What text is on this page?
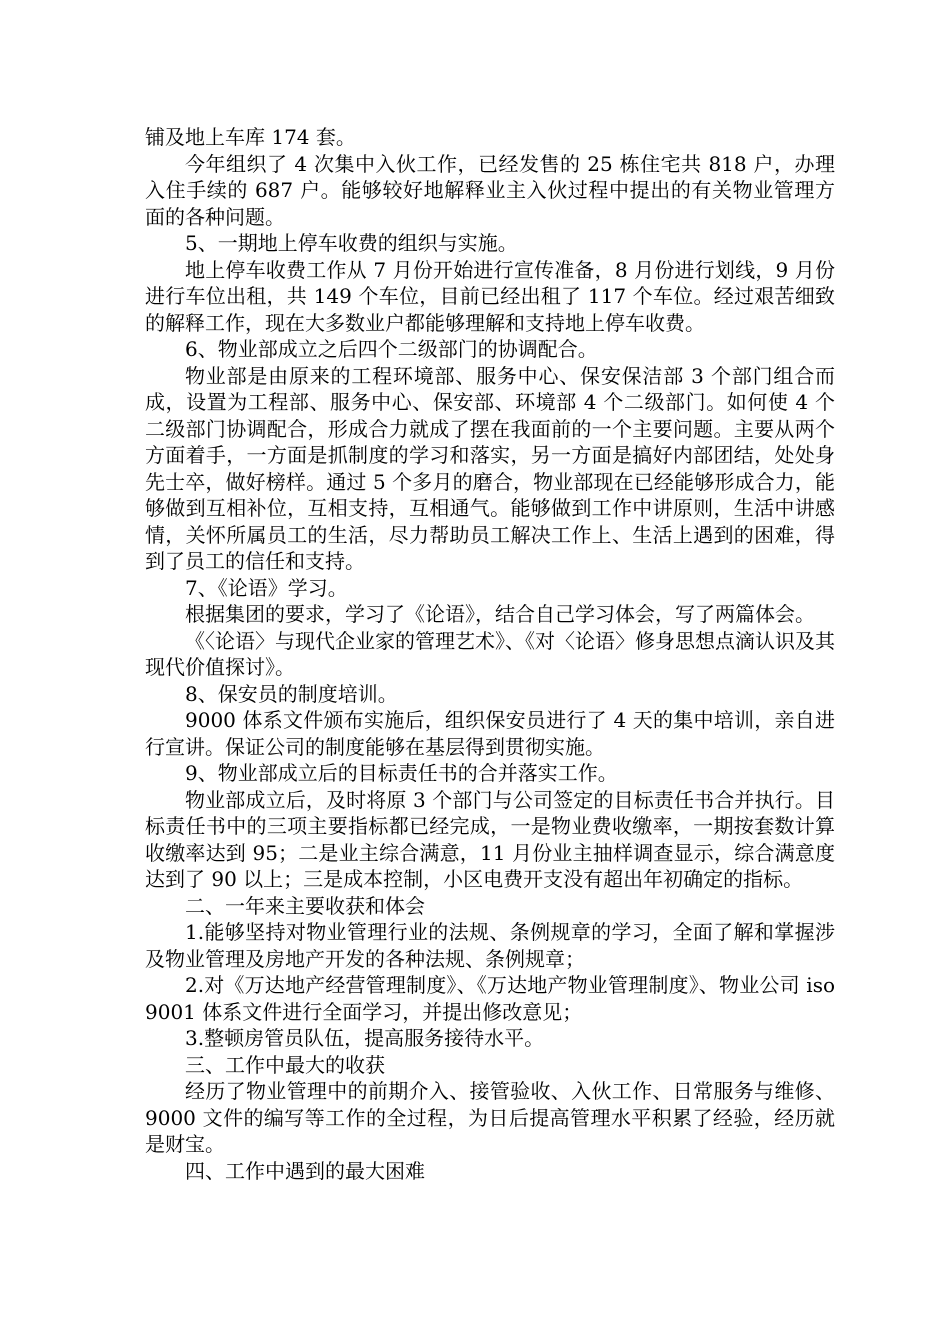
铺及地上车库 174 套。

今年组织了 4 次集中入伙工作，已经发售的 25 栋住宅共 818 户，办理入住手续的 687 户。能够较好地解释业主入伙过程中提出的有关物业管理方面的各种问题。

5、一期地上停车收费的组织与实施。

地上停车收费工作从 7 月份开始进行宣传准备，8 月份进行划线，9 月份进行车位出租，共 149 个车位，目前已经出租了 117 个车位。经过艰苦细致的解释工作，现在大多数业户都能够理解和支持地上停车收费。

6、物业部成立之后四个二级部门的协调配合。

物业部是由原来的工程环境部、服务中心、保安保洁部 3 个部门组合而成，设置为工程部、服务中心、保安部、环境部 4 个二级部门。如何使 4 个二级部门协调配合，形成合力就成了摆在我面前的一个主要问题。主要从两个方面着手，一方面是抓制度的学习和落实，另一方面是搞好内部团结，处处身先士卒，做好榜样。通过 5 个多月的磨合，物业部现在已经能够形成合力，能够做到互相补位，互相支持，互相通气。能够做到工作中讲原则，生活中讲感情，关怀所属员工的生活，尽力帮助员工解决工作上、生活上遇到的困难，得到了员工的信任和支持。

7、《论语》学习。

根据集团的要求，学习了《论语》，结合自己学习体会，写了两篇体会。

《〈论语〉与现代企业家的管理艺术》、《对〈论语〉修身思想点滴认识及其现代价值探讨》。

8、保安员的制度培训。

9000 体系文件颁布实施后，组织保安员进行了 4 天的集中培训，亲自进行宣讲。保证公司的制度能够在基层得到贯彻实施。

9、物业部成立后的目标责任书的合并落实工作。

物业部成立后，及时将原 3 个部门与公司签定的目标责任书合并执行。目标责任书中的三项主要指标都已经完成，一是物业费收缴率，一期按套数计算收缴率达到 95；二是业主综合满意，11 月份业主抽样调查显示，综合满意度达到了 90 以上；三是成本控制，小区电费开支没有超出年初确定的指标。

二、一年来主要收获和体会

1.能够坚持对物业管理行业的法规、条例规章的学习，全面了解和掌握涉及物业管理及房地产开发的各种法规、条例规章；

2.对《万达地产经营管理制度》、《万达地产物业管理制度》、物业公司 iso9001 体系文件进行全面学习，并提出修改意见；

3.整顿房管员队伍，提高服务接待水平。

三、工作中最大的收获

经历了物业管理中的前期介入、接管验收、入伙工作、日常服务与维修、9000 文件的编写等工作的全过程，为日后提高管理水平积累了经验，经历就是财宝。

四、工作中遇到的最大困难
